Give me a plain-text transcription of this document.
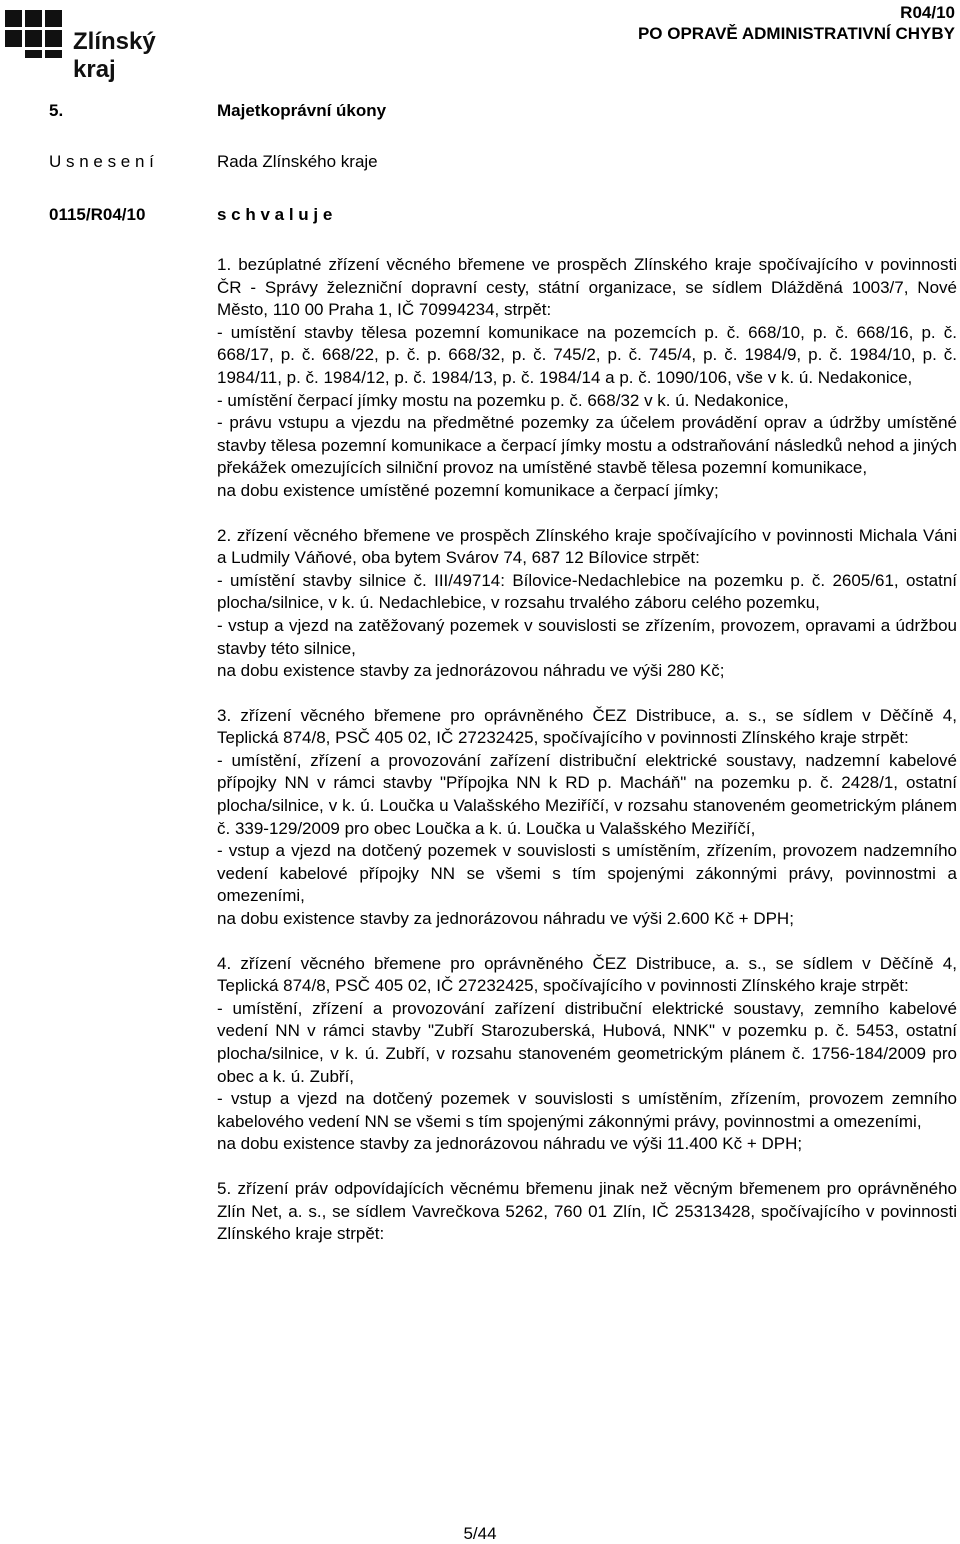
Zlínský kraj
R04/10
PO OPRAVĚ ADMINISTRATIVNÍ CHYBY
5.	Majetkoprávní úkony
U s n e s e n í	Rada Zlínského kraje
0115/R04/10	s c h v a l u j e

1. bezúplatné zřízení věcného břemene ve prospěch Zlínského kraje spočívajícího v povinnosti ČR - Správy železniční dopravní cesty, státní organizace, se sídlem Dlážděná 1003/7, Nové Město, 110 00 Praha 1, IČ 70994234, strpět:

- umístění stavby tělesa pozemní komunikace na pozemcích p. č. 668/10, p. č. 668/16, p. č. 668/17, p. č. 668/22, p. č. p. 668/32, p. č. 745/2, p. č. 745/4, p. č. 1984/9, p. č. 1984/10, p. č. 1984/11, p. č. 1984/12, p. č. 1984/13, p. č. 1984/14 a p. č. 1090/106, vše v k. ú. Nedakonice,

- umístění čerpací jímky mostu na pozemku p. č. 668/32 v k. ú. Nedakonice,

- právu vstupu a vjezdu na předmětné pozemky za účelem provádění oprav a údržby umístěné stavby tělesa pozemní komunikace a čerpací jímky mostu a odstraňování následků nehod a jiných překážek omezujících silniční provoz na umístěné stavbě tělesa pozemní komunikace,

na dobu existence umístěné pozemní komunikace a čerpací jímky;

2. zřízení věcného břemene ve prospěch Zlínského kraje spočívajícího v povinnosti Michala Váni a Ludmily Váňové, oba bytem Svárov 74, 687 12 Bílovice strpět:

- umístění stavby silnice č. III/49714: Bílovice-Nedachlebice na pozemku p. č. 2605/61, ostatní plocha/silnice, v k. ú. Nedachlebice, v rozsahu trvalého záboru celého pozemku,

- vstup a vjezd na zatěžovaný pozemek v souvislosti se zřízením, provozem, opravami a údržbou stavby této silnice,

na dobu existence stavby za jednorázovou náhradu ve výši 280 Kč;

3. zřízení věcného břemene pro oprávněného ČEZ Distribuce, a. s., se sídlem v Děčíně 4, Teplická 874/8, PSČ 405 02, IČ 27232425, spočívajícího v povinnosti Zlínského kraje strpět:

- umístění, zřízení a provozování zařízení distribuční elektrické soustavy, nadzemní kabelové přípojky NN v rámci stavby "Přípojka NN k RD p. Macháň" na pozemku p. č. 2428/1, ostatní plocha/silnice, v k. ú. Loučka u Valašského Meziříčí, v rozsahu stanoveném geometrickým plánem č. 339-129/2009 pro obec Loučka a k. ú. Loučka u Valašského Meziříčí,

- vstup a vjezd na dotčený pozemek v souvislosti s umístěním, zřízením, provozem nadzemního vedení kabelové přípojky NN se všemi s tím spojenými zákonnými právy, povinnostmi a omezeními,

na dobu existence stavby za jednorázovou náhradu ve výši 2.600 Kč + DPH;

4. zřízení věcného břemene pro oprávněného ČEZ Distribuce, a. s., se sídlem v Děčíně 4, Teplická 874/8, PSČ 405 02, IČ 27232425, spočívajícího v povinnosti Zlínského kraje strpět:

- umístění, zřízení a provozování zařízení distribuční elektrické soustavy, zemního kabelové vedení NN v rámci stavby "Zubří Starozuberská, Hubová, NNK" v pozemku p. č. 5453, ostatní plocha/silnice, v k. ú. Zubří, v rozsahu stanoveném geometrickým plánem č. 1756-184/2009 pro obec a k. ú. Zubří,

- vstup a vjezd na dotčený pozemek v souvislosti s umístěním, zřízením, provozem zemního kabelového vedení NN se všemi s tím spojenými zákonnými právy, povinnostmi a omezeními,

na dobu existence stavby za jednorázovou náhradu ve výši 11.400 Kč + DPH;

5. zřízení práv odpovídajících věcnému břemenu jinak než věcným břemenem pro oprávněného Zlín Net, a. s., se sídlem Vavrečkova 5262, 760 01 Zlín, IČ 25313428, spočívajícího v povinnosti Zlínského kraje strpět:

5/44
